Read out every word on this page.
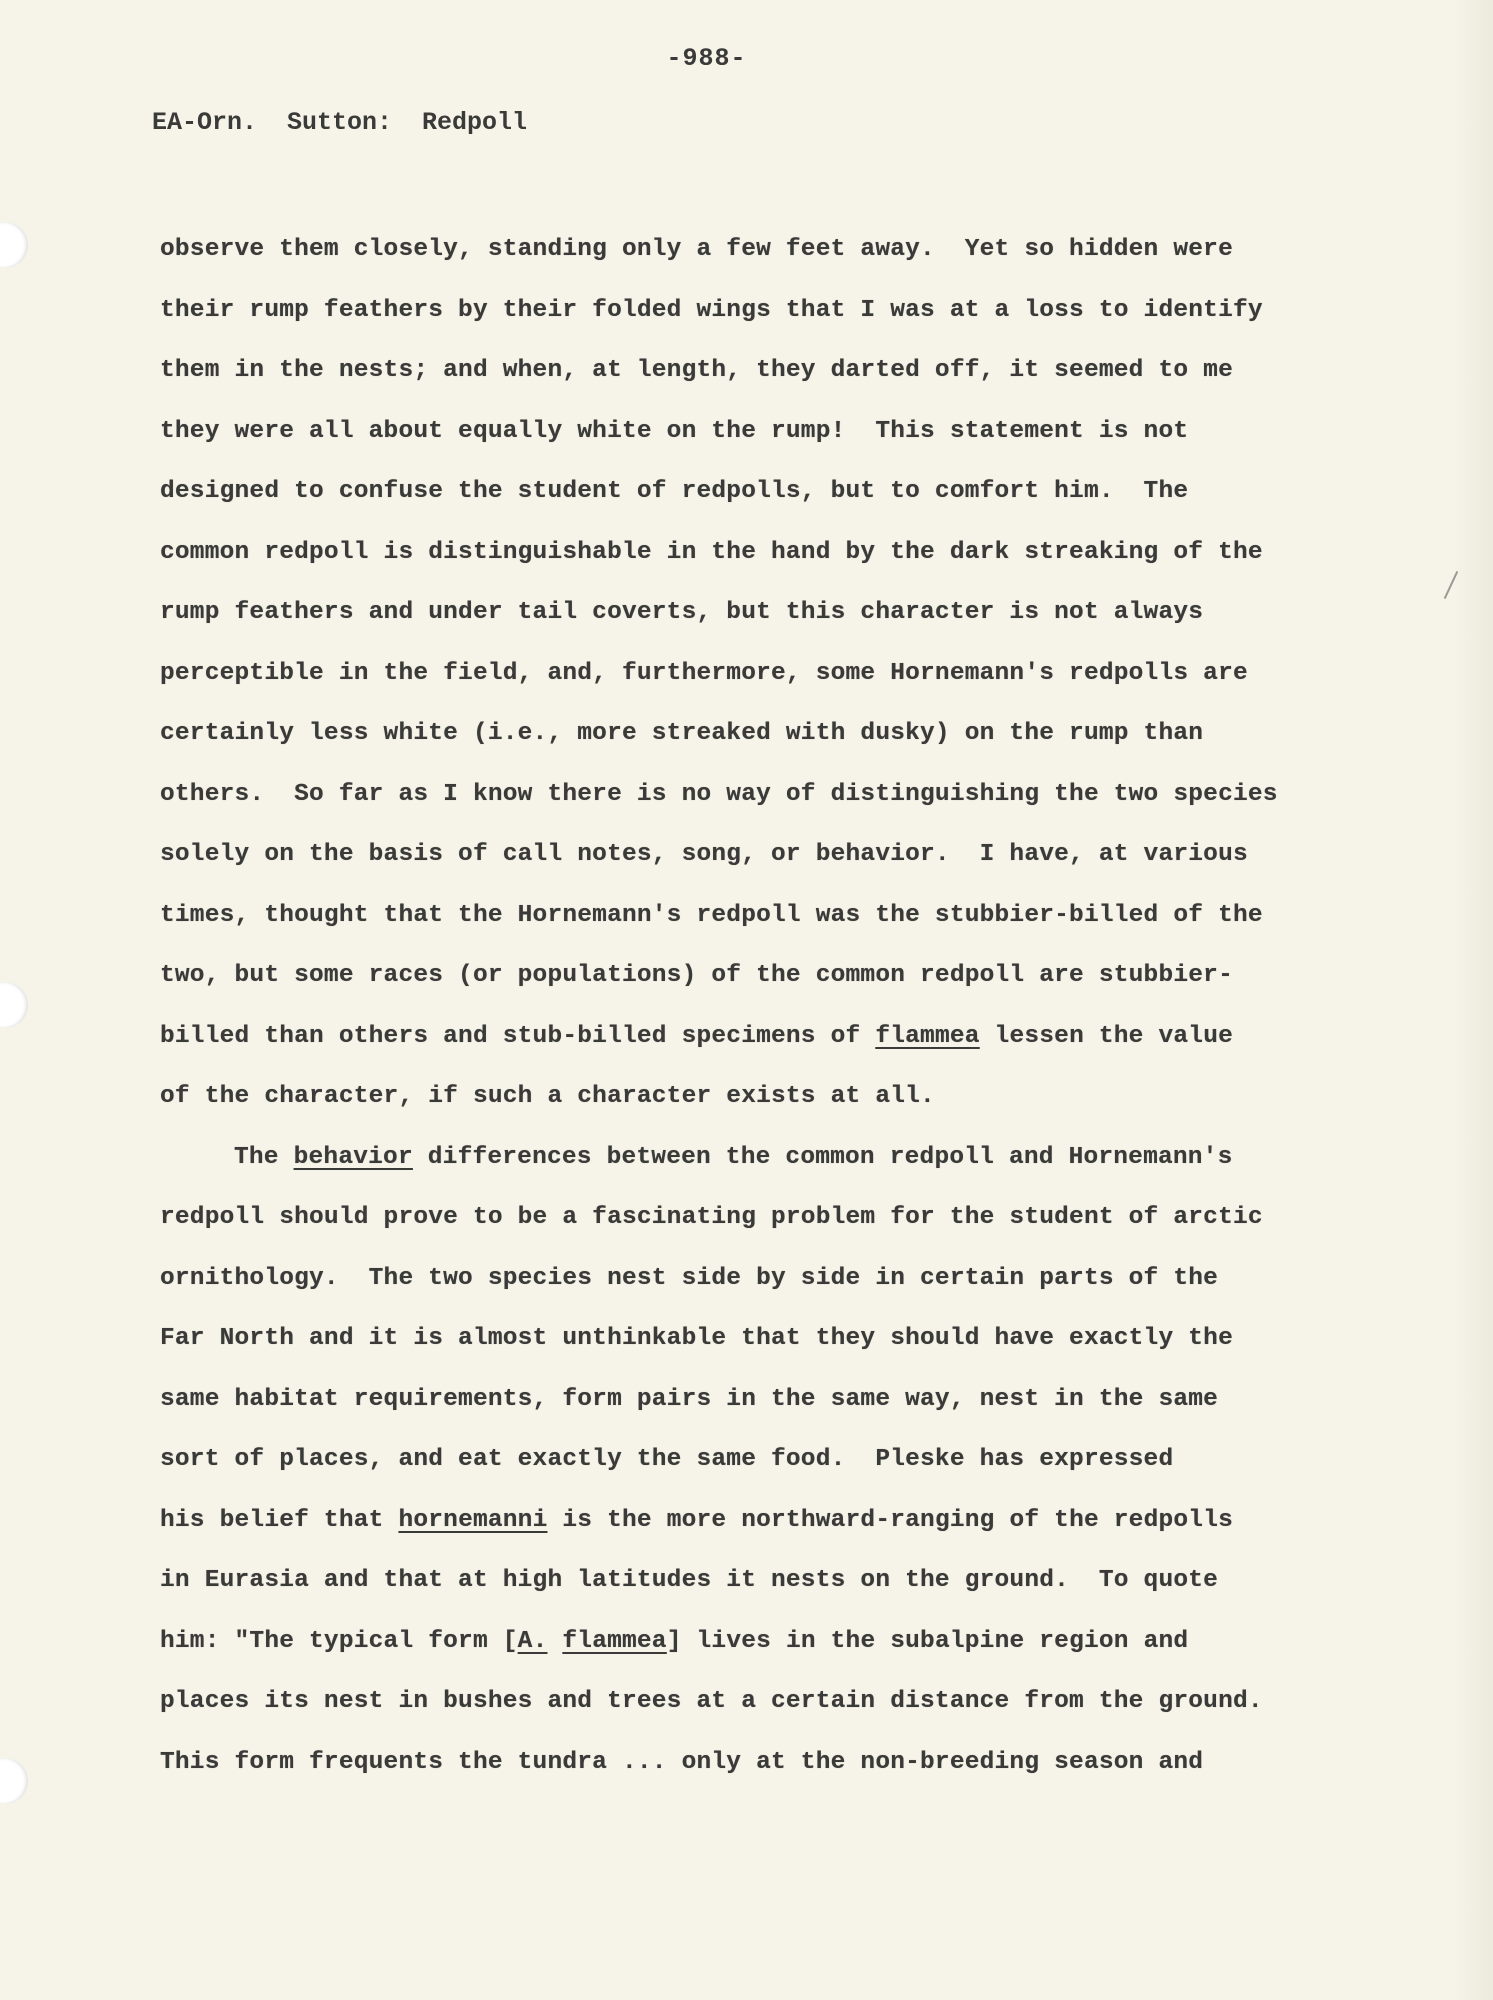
-988-
EA-Orn.  Sutton:  Redpoll
observe them closely, standing only a few feet away.  Yet so hidden were
their rump feathers by their folded wings that I was at a loss to identify
them in the nests; and when, at length, they darted off, it seemed to me
they were all about equally white on the rump!  This statement is not
designed to confuse the student of redpolls, but to comfort him.  The
common redpoll is distinguishable in the hand by the dark streaking of the
rump feathers and under tail coverts, but this character is not always
perceptible in the field, and, furthermore, some Hornemann's redpolls are
certainly less white (i.e., more streaked with dusky) on the rump than
others.  So far as I know there is no way of distinguishing the two species
solely on the basis of call notes, song, or behavior.  I have, at various
times, thought that the Hornemann's redpoll was the stubbier-billed of the
two, but some races (or populations) of the common redpoll are stubbier-
billed than others and stub-billed specimens of flammea lessen the value
of the character, if such a character exists at all.
The behavior differences between the common redpoll and Hornemann's
redpoll should prove to be a fascinating problem for the student of arctic
ornithology.  The two species nest side by side in certain parts of the
Far North and it is almost unthinkable that they should have exactly the
same habitat requirements, form pairs in the same way, nest in the same
sort of places, and eat exactly the same food.  Pleske has expressed
his belief that hornemanni is the more northward-ranging of the redpolls
in Eurasia and that at high latitudes it nests on the ground.  To quote
him: "The typical form [A. flammea] lives in the subalpine region and
places its nest in bushes and trees at a certain distance from the ground.
This form frequents the tundra ... only at the non-breeding season and
